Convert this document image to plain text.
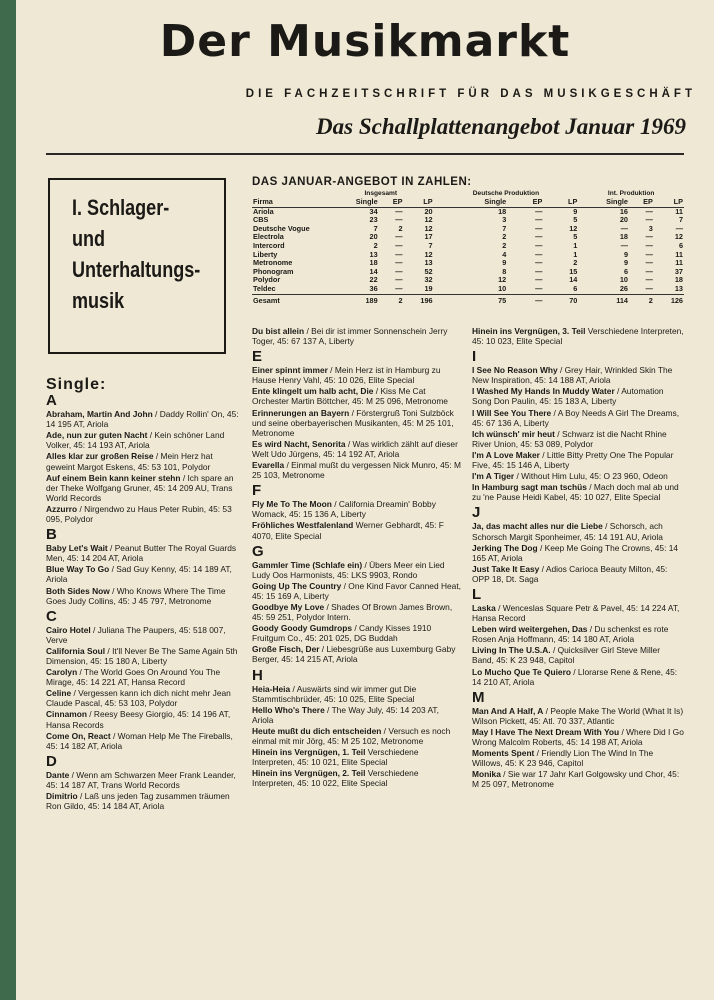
Der Musikmarkt
DIE FACHZEITSCHRIFT FÜR DAS MUSIKGESCHÄFT
Das Schallplattenangebot Januar 1969
I. Schlager-
und
Unterhaltungs-
musik
DAS JANUAR-ANGEBOT IN ZAHLEN:
	Insgesamt			Deutsche Produktion			Int. Produktion		
Firma	Single	EP	LP	Single	EP	LP	Single	EP	LP
Ariola	34	—	20	18	—	9	16	—	11
CBS	23	—	12	3	—	5	20	—	7
Deutsche Vogue	7	2	12	7	—	12	—	3	—
Electrola	20	—	17	2	—	5	18	—	12
Intercord	2	—	7	2	—	1	—	—	6
Liberty	13	—	12	4	—	1	9	—	11
Metronome	18	—	13	9	—	2	9	—	11
Phonogram	14	—	52	8	—	15	6	—	37
Polydor	22	—	32	12	—	14	10	—	18
Teldec	36	—	19	10	—	6	26	—	13
Gesamt	189	2	196	75	—	70	114	2	126
Single:
A
Abraham, Martin And John / Daddy Rollin' On, 45: 14 195 AT, Ariola
Ade, nun zur guten Nacht / Kein schöner Land Volker, 45: 14 193 AT, Ariola
Alles klar zur großen Reise / Mein Herz hat geweint Margot Eskens, 45: 53 101, Polydor
Auf einem Bein kann keiner stehn / Ich spare an der Theke Wolfgang Gruner, 45: 14 209 AU, Trans World Records
Azzurro / Nirgendwo zu Haus Peter Rubin, 45: 53 095, Polydor
B
Baby Let's Wait / Peanut Butter The Royal Guards Men, 45: 14 204 AT, Ariola
Blue Way To Go / Sad Guy Kenny, 45: 14 189 AT, Ariola
Both Sides Now / Who Knows Where The Time Goes Judy Collins, 45: J 45 797, Metronome
C
Cairo Hotel / Juliana The Paupers, 45: 518 007, Verve
California Soul / It'll Never Be The Same Again 5th Dimension, 45: 15 180 A, Liberty
Carolyn / The World Goes On Around You The Mirage, 45: 14 221 AT, Hansa Record
Celine / Vergessen kann ich dich nicht mehr Jean Claude Pascal, 45: 53 103, Polydor
Cinnamon / Reesy Beesy Giorgio, 45: 14 196 AT, Hansa Records
Come On, React / Woman Help Me The Fireballs, 45: 14 182 AT, Ariola
D
Dante / Wenn am Schwarzen Meer Frank Leander, 45: 14 187 AT, Trans World Records
Dimitrio / Laß uns jeden Tag zusammen träumen Ron Gildo, 45: 14 184 AT, Ariola
Du bist allein / Bei dir ist immer Sonnenschein Jerry Toger, 45: 67 137 A, Liberty
E
Einer spinnt immer / Mein Herz ist in Hamburg zu Hause Henry Vahl, 45: 10 026, Elite Special
Ente klingelt um halb acht, Die / Kiss Me Cat Orchester Martin Böttcher, 45: M 25 096, Metronome
Erinnerungen an Bayern / Förstergruß Toni Sulzböck und seine oberbayerischen Musikanten, 45: M 25 101, Metronome
Es wird Nacht, Senorita / Was wirklich zählt auf dieser Welt Udo Jürgens, 45: 14 192 AT, Ariola
Evarella / Einmal mußt du vergessen Nick Munro, 45: M 25 103, Metronome
F
Fly Me To The Moon / California Dreamin' Bobby Womack, 45: 15 136 A, Liberty
Fröhliches Westfalenland Werner Gebhardt, 45: F 4070, Elite Special
G
Gammler Time (Schlafe ein) / Übers Meer ein Lied Ludy Oos Harmonists, 45: LKS 9903, Rondo
Going Up The Country / One Kind Favor Canned Heat, 45: 15 169 A, Liberty
Goodbye My Love / Shades Of Brown James Brown, 45: 59 251, Polydor Intern.
Goody Goody Gumdrops / Candy Kisses 1910 Fruitgum Co., 45: 201 025, DG Buddah
Große Fisch, Der / Liebesgrüße aus Luxemburg Gaby Berger, 45: 14 215 AT, Ariola
H
Heia-Heia / Auswärts sind wir immer gut Die Stammtischbrüder, 45: 10 025, Elite Special
Hello Who's There / The Way July, 45: 14 203 AT, Ariola
Heute mußt du dich entscheiden / Versuch es noch einmal mit mir Jörg, 45: M 25 102, Metronome
Hinein ins Vergnügen, 1. Teil Verschiedene Interpreten, 45: 10 021, Elite Special
Hinein ins Vergnügen, 2. Teil Verschiedene Interpreten, 45: 10 022, Elite Special
Hinein ins Vergnügen, 3. Teil Verschiedene Interpreten, 45: 10 023, Elite Special
I
I See No Reason Why / Grey Hair, Wrinkled Skin The New Inspiration, 45: 14 188 AT, Ariola
I Washed My Hands In Muddy Water / Automation Song Don Paulin, 45: 15 183 A, Liberty
I Will See You There / A Boy Needs A Girl The Dreams, 45: 67 136 A, Liberty
Ich wünsch' mir heut / Schwarz ist die Nacht Rhine River Union, 45: 53 089, Polydor
I'm A Love Maker / Little Bitty Pretty One The Popular Five, 45: 15 146 A, Liberty
I'm A Tiger / Without Him Lulu, 45: O 23 960, Odeon
In Hamburg sagt man tschüs / Mach doch mal ab und zu 'ne Pause Heidi Kabel, 45: 10 027, Elite Special
J
Ja, das macht alles nur die Liebe / Schorsch, ach Schorsch Margit Sponheimer, 45: 14 191 AU, Ariola
Jerking The Dog / Keep Me Going The Crowns, 45: 14 165 AT, Ariola
Just Take It Easy / Adios Carioca Beauty Milton, 45: OPP 18, Dt. Saga
L
Laska / Wenceslas Square Petr & Pavel, 45: 14 224 AT, Hansa Record
Leben wird weitergehen, Das / Du schenkst es rote Rosen Anja Hoffmann, 45: 14 180 AT, Ariola
Living In The U.S.A. / Quicksilver Girl Steve Miller Band, 45: K 23 948, Capitol
Lo Mucho Que Te Quiero / Llorarse Rene & Rene, 45: 14 210 AT, Ariola
M
Man And A Half, A / People Make The World (What It Is) Wilson Pickett, 45: Atl. 70 337, Atlantic
May I Have The Next Dream With You / Where Did I Go Wrong Malcolm Roberts, 45: 14 198 AT, Ariola
Moments Spent / Friendly Lion The Wind In The Willows, 45: K 23 946, Capitol
Monika / Sie war 17 Jahr Karl Golgowsky und Chor, 45: M 25 097, Metronome
